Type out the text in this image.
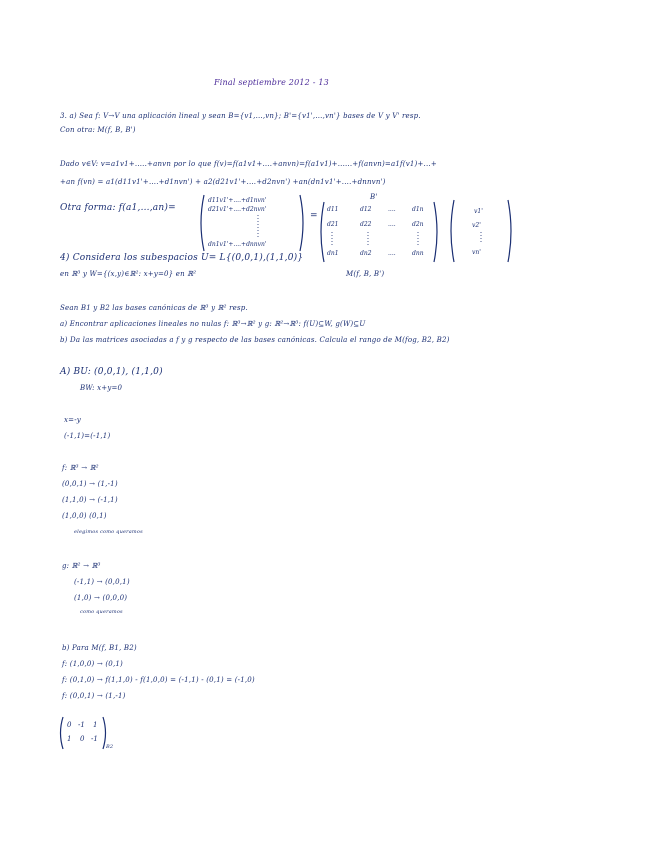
Final septiembre 2012 - 13
3. a) Sea f: V→V una aplicación lineal y sean B={v1,...,vn}; B'={v1',...,vn'} bases de V y V' resp.
Con otra: M(f, B, B')
Dado v∈V: v=a1v1+.....+anvn por lo que f(v)=f(a1v1+....+anvn)=f(a1v1)+......+f(anvn)=a1f(v1)+...+
+an f(vn) = a1(d11v1'+....+d1nvn') + a2(d21v1'+....+d2nvn') +an(dn1v1'+....+dnnvn')
Otra forma: f(a1,...,an)=
d11v1'+....+d1nvn'
d21v1'+....+d2nvn'
dn1v1'+....+dnnvn'
=
B'
d11	d12	....	d1n
d21	d22	....	d2n
dn1	dn2	....	dnn
v1'
v2'
vn'
4) Considera los subespacios U= L{(0,0,1),(1,1,0)}
en ℝ³ y W={(x,y)∈ℝ²: x+y=0} en ℝ²	M(f, B, B')
Sean B1 y B2 las bases canónicas de ℝ³ y ℝ² resp.
a) Encontrar aplicaciones lineales no nulas f: ℝ³→ℝ² y g: ℝ²→ℝ³: f(U)⊆W, g(W)⊆U
b) Da las matrices asociadas a f y g respecto de las bases canónicas. Calcula el rango de M(fog, B2, B2)
A) BU: (0,0,1), (1,1,0)
BW: x+y=0
x=-y
(-1,1)=(-1,1)
f: ℝ³ → ℝ²
(0,0,1) → (1,-1)
(1,1,0) → (-1,1)
(1,0,0) (0,1)
elegimos como queramos
g: ℝ² → ℝ³
(-1,1) → (0,0,1)
(1,0) → (0,0,0)
como queramos
b) Para M(f, B1, B2)
f: (1,0,0) → (0,1)
f: (0,1,0) → f(1,1,0) - f(1,0,0) = (-1,1) - (0,1) = (-1,0)
f: (0,0,1) → (1,-1)
0 -1 1
1 0 -1
B2
